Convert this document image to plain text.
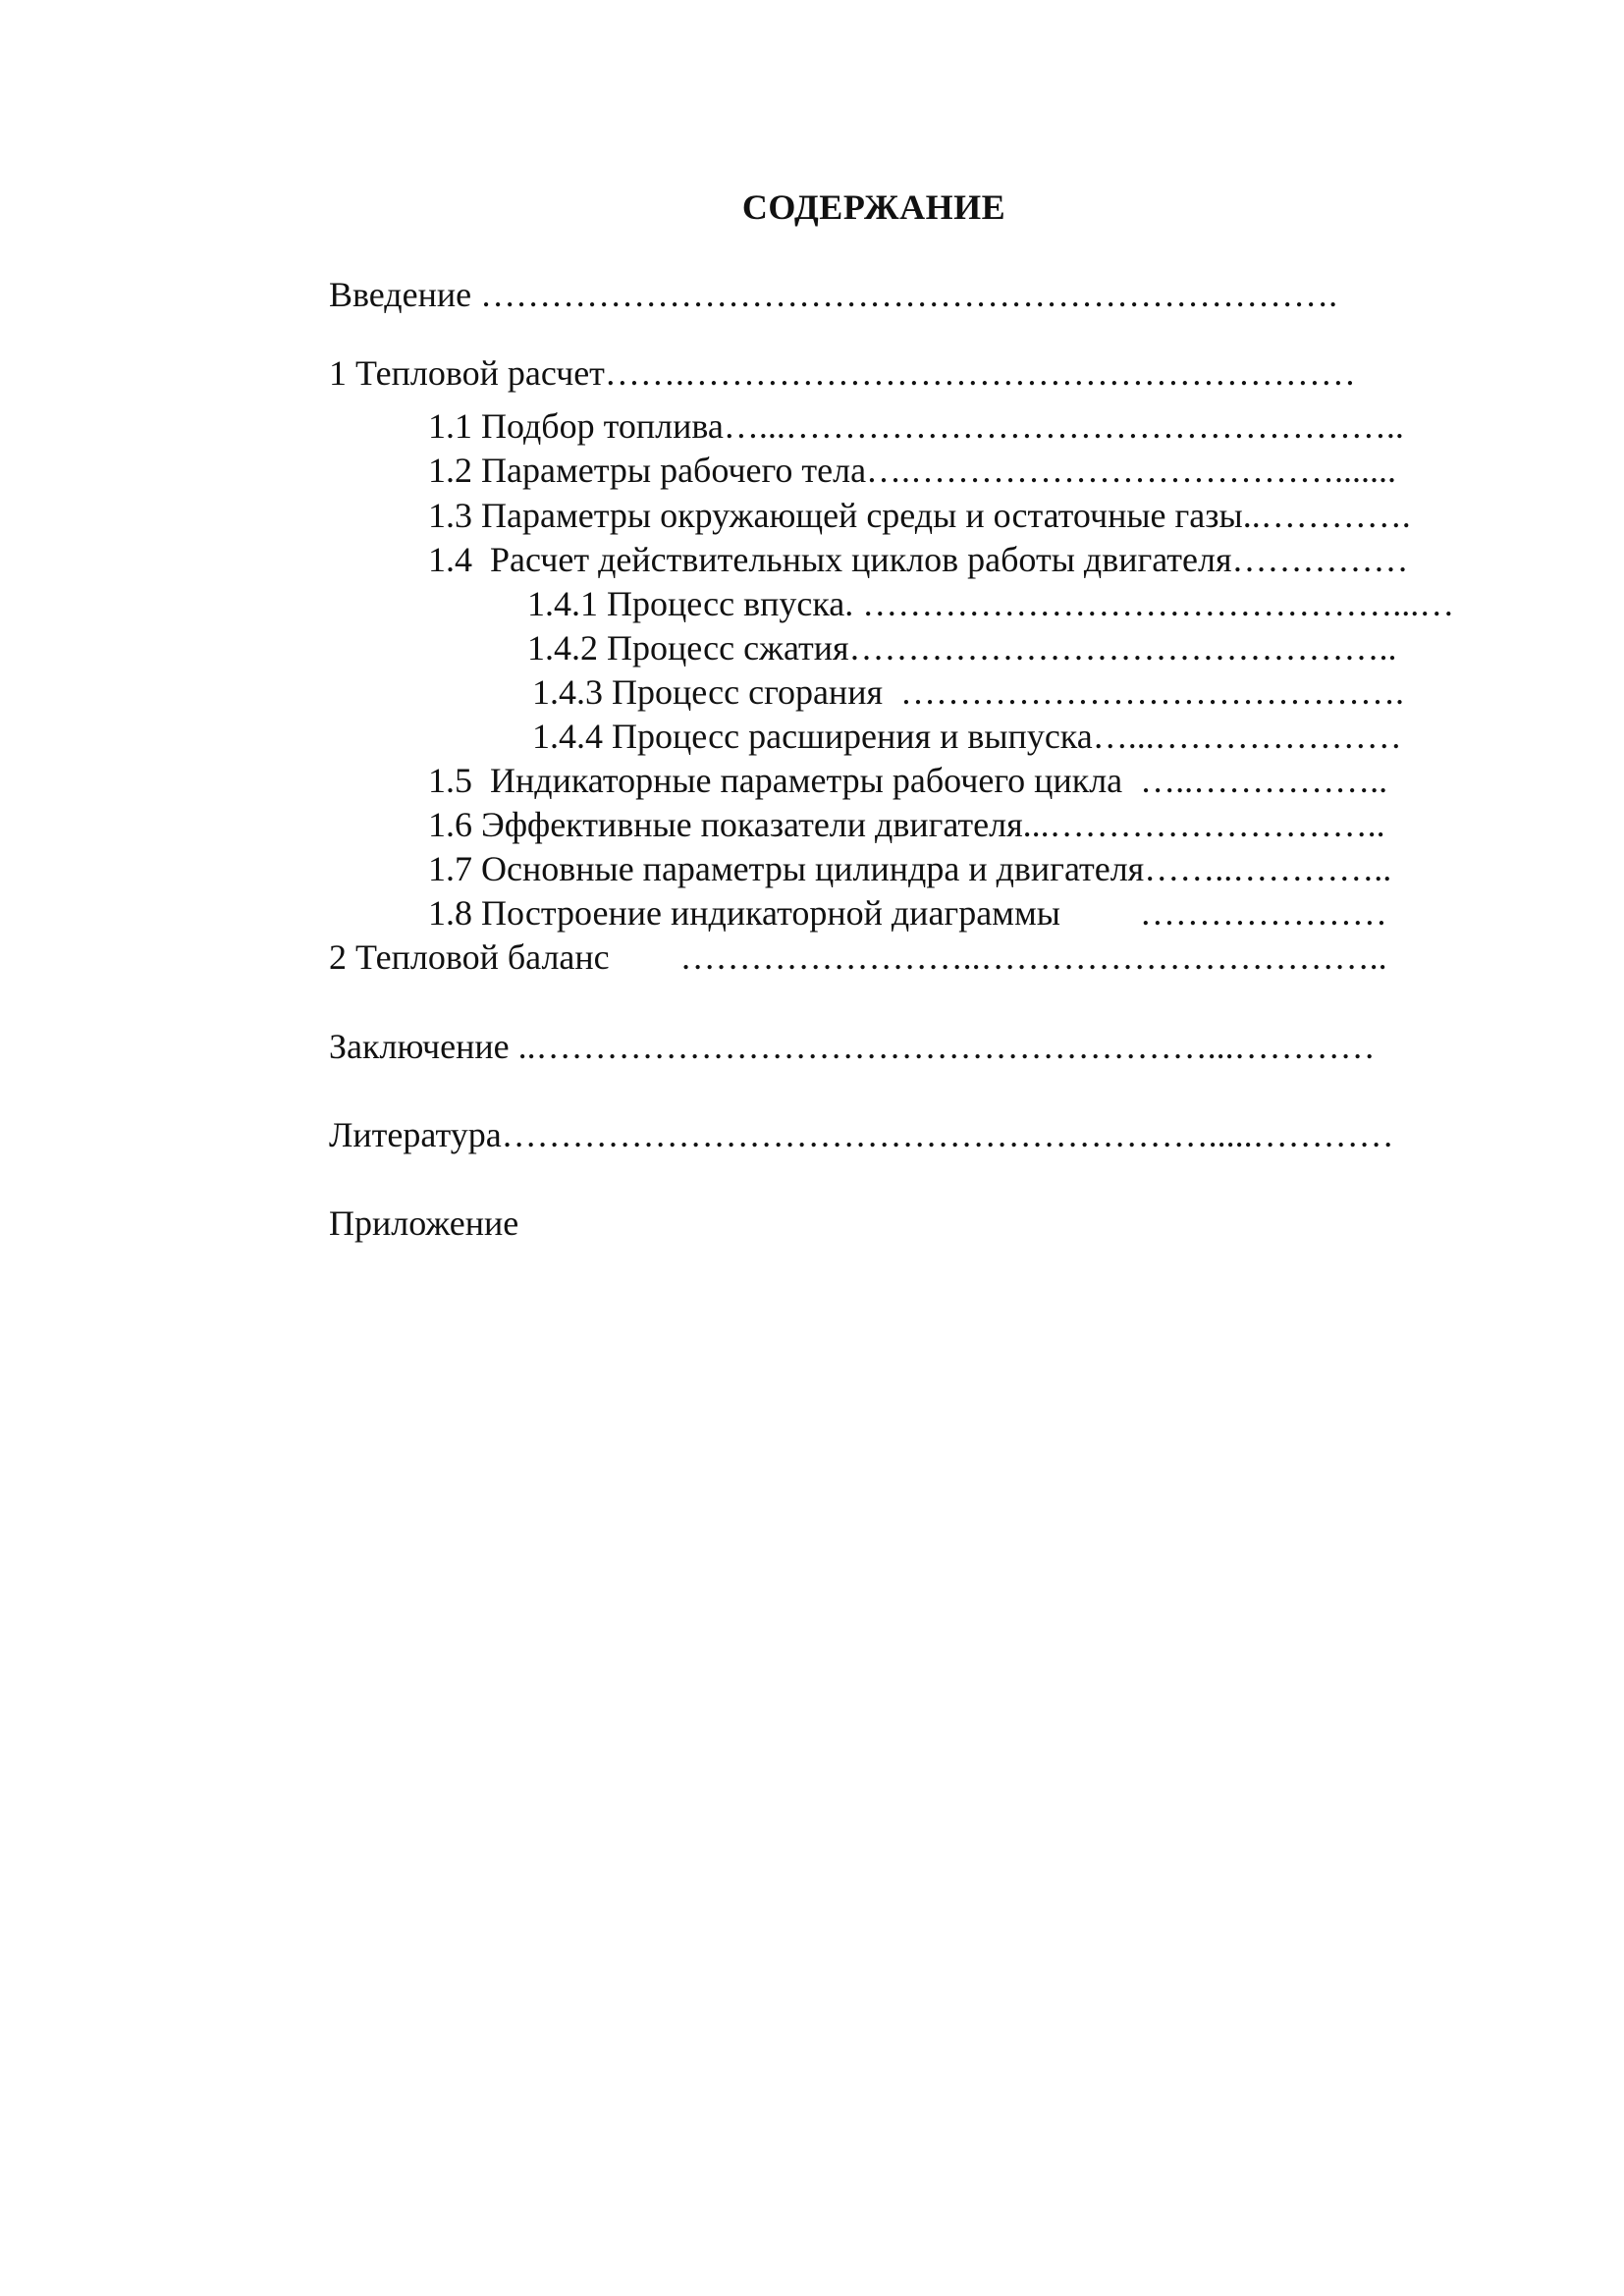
СОДЕРЖАНИЕ
Введение ……………………………………………………………….
1 Тепловой расчет…….…………………………………………………
1.1 Подбор топлива…...……………………………………………..
1.2 Параметры рабочего тела….……………………………….......
1.3 Параметры окружающей среды и остаточные газы..………….
1.4  Расчет действительных циклов работы двигателя……………
1.4.1 Процесс впуска. ………………………………………...…
1.4.2 Процесс сжатия………………………………………..
1.4.3 Процесс сгорания  …………………………………….
1.4.4 Процесс расширения и выпуска…...…………………
1.5  Индикаторные параметры рабочего цикла  …..……………..
1.6 Эффективные показатели двигателя...………………………..
1.7 Основные параметры цилиндра и двигателя……..…………..
1.8 Построение индикаторной диаграммы         …………………
2 Тепловой баланс        ……………………..……………………………..
Заключение ..…………………………………………………...…………
Литература…………………………………………………….....…………
Приложение
